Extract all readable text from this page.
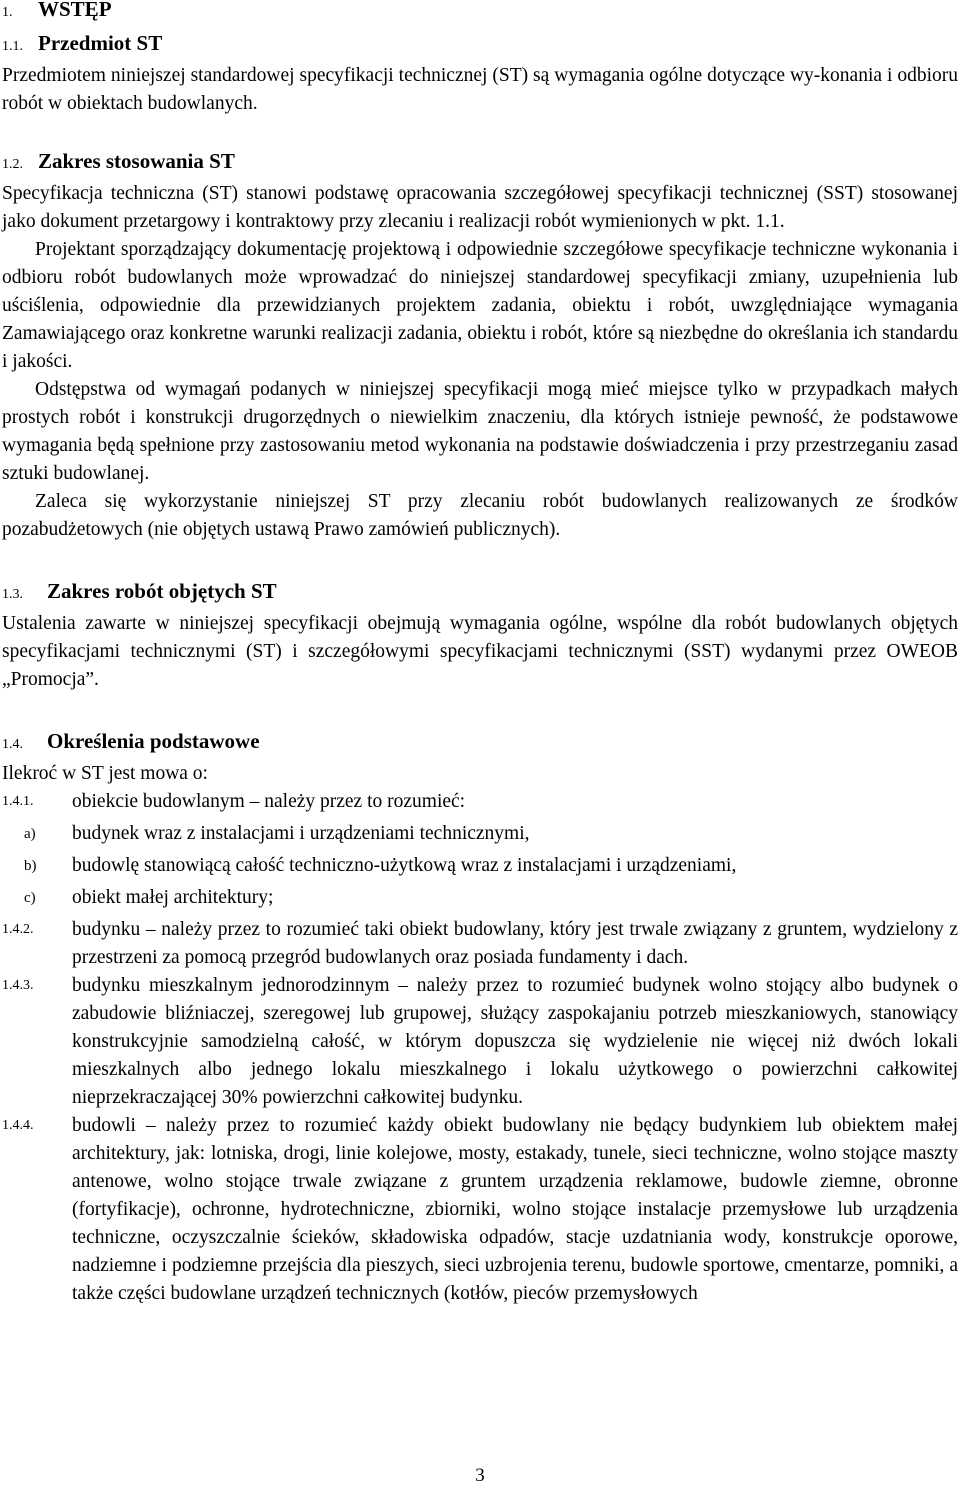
1.	WSTĘP
1.1. Przedmiot ST

Przedmiotem niniejszej standardowej specyfikacji technicznej (ST) są wymagania ogólne dotyczące wy-konania i odbioru robót w obiektach budowlanych.

1.2. Zakres stosowania ST

Specyfikacja techniczna (ST) stanowi podstawę opracowania szczegółowej specyfikacji technicznej (SST) stosowanej jako dokument przetargowy i kontraktowy przy zlecaniu i realizacji robót wymienionych w pkt. 1.1.

Projektant sporządzający dokumentację projektową i odpowiednie szczegółowe specyfikacje techniczne wykonania i odbioru robót budowlanych może wprowadzać do niniejszej standardowej specyfikacji zmiany, uzupełnienia lub uściślenia, odpowiednie dla przewidzianych projektem zadania, obiektu i robót, uwzględniające wymagania Zamawiającego oraz konkretne warunki realizacji zadania, obiektu i robót, które są niezbędne do określania ich standardu i jakości.

Odstępstwa od wymagań podanych w niniejszej specyfikacji mogą mieć miejsce tylko w przypadkach małych prostych robót i konstrukcji drugorzędnych o niewielkim znaczeniu, dla których istnieje pewność, że podstawowe wymagania będą spełnione przy zastosowaniu metod wykonania na podstawie doświadczenia i przy przestrzeganiu zasad sztuki budowlanej.

Zaleca się wykorzystanie niniejszej ST przy zlecaniu robót budowlanych realizowanych ze środków pozabudżetowych (nie objętych ustawą Prawo zamówień publicznych).

1.3.	Zakres robót objętych ST

Ustalenia zawarte w niniejszej specyfikacji obejmują wymagania ogólne, wspólne dla robót budowlanych objętych specyfikacjami technicznymi (ST) i szczegółowymi specyfikacjami technicznymi (SST) wydanymi przez OWEOB „Promocja”.

1.4.	Określenia podstawowe

Ilekroć w ST jest mowa o:

1.4.1.	obiekcie budowlanym – należy przez to rozumieć:
a)	budynek wraz z instalacjami i urządzeniami technicznymi,
b)	budowlę stanowiącą całość techniczno-użytkową wraz z instalacjami i urządzeniami,
c)	obiekt małej architektury;
1.4.2.	budynku – należy przez to rozumieć taki obiekt budowlany, który jest trwale związany z gruntem, wydzielony z przestrzeni za pomocą przegród budowlanych oraz posiada fundamenty i dach.
1.4.3.	budynku mieszkalnym jednorodzinnym – należy przez to rozumieć budynek wolno stojący albo budynek o zabudowie bliźniaczej, szeregowej lub grupowej, służący zaspokajaniu potrzeb mieszkaniowych, stanowiący konstrukcyjnie samodzielną całość, w którym dopuszcza się wydzielenie nie więcej niż dwóch lokali mieszkalnych albo jednego lokalu mieszkalnego i lokalu użytkowego o powierzchni całkowitej nieprzekraczającej 30% powierzchni całkowitej budynku.
1.4.4.	budowli – należy przez to rozumieć każdy obiekt budowlany nie będący budynkiem lub obiektem małej architektury, jak: lotniska, drogi, linie kolejowe, mosty, estakady, tunele, sieci techniczne, wolno stojące maszty antenowe, wolno stojące trwale związane z gruntem urządzenia reklamowe, budowle ziemne, obronne (fortyfikacje), ochronne, hydrotechniczne, zbiorniki, wolno stojące instalacje przemysłowe lub urządzenia techniczne, oczyszczalnie ścieków, składowiska odpadów, stacje uzdatniania wody, konstrukcje oporowe, nadziemne i podziemne przejścia dla pieszych, sieci uzbrojenia terenu, budowle sportowe, cmentarze, pomniki, a także części budowlane urządzeń technicznych (kotłów, pieców przemysłowych
3
